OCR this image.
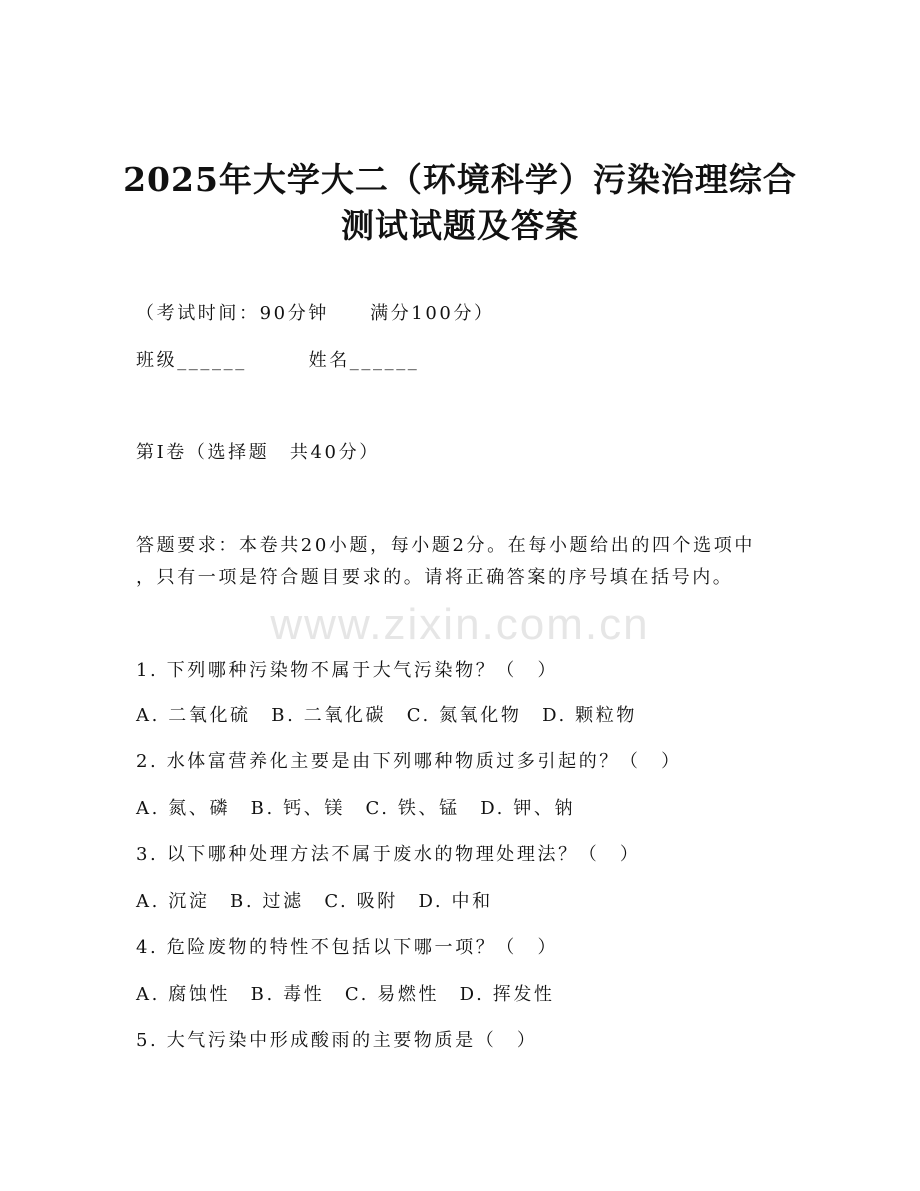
www.zixin.com.cn
2025年大学大二（环境科学）污染治理综合
测试试题及答案
（考试时间：90分钟　　满分100分）
班级______　　　姓名______
第Ⅰ卷（选择题　共40分）
答题要求：本卷共20小题，每小题2分。在每小题给出的四个选项中
，只有一项是符合题目要求的。请将正确答案的序号填在括号内。
1. 下列哪种污染物不属于大气污染物？（　）
A. 二氧化硫　B. 二氧化碳　C. 氮氧化物　D. 颗粒物
2. 水体富营养化主要是由下列哪种物质过多引起的？（　）
A. 氮、磷　B. 钙、镁　C. 铁、锰　D. 钾、钠
3. 以下哪种处理方法不属于废水的物理处理法？（　）
A. 沉淀　B. 过滤　C. 吸附　D. 中和
4. 危险废物的特性不包括以下哪一项？（　）
A. 腐蚀性　B. 毒性　C. 易燃性　D. 挥发性
5. 大气污染中形成酸雨的主要物质是（　）
